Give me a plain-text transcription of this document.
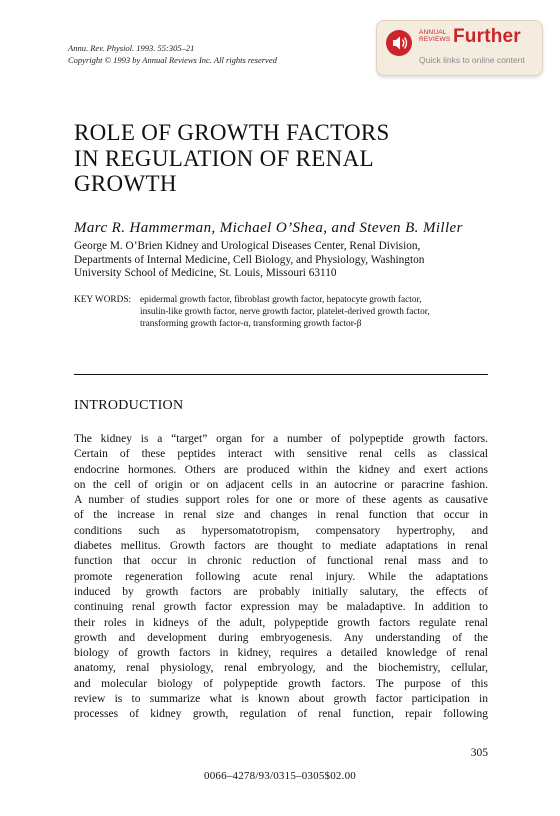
Annu. Rev. Physiol. 1993. 55:305–21
Copyright © 1993 by Annual Reviews Inc. All rights reserved
ANNUAL
REVIEWS Further
Quick links to online content
ROLE OF GROWTH FACTORS
IN REGULATION OF RENAL
GROWTH
Marc R. Hammerman, Michael O’Shea, and Steven B. Miller
George M. O’Brien Kidney and Urological Diseases Center, Renal Division,
Departments of Internal Medicine, Cell Biology, and Physiology, Washington
University School of Medicine, St. Louis, Missouri 63110
KEY WORDS: epidermal growth factor, fibroblast growth factor, hepatocyte growth factor,
insulin-like growth factor, nerve growth factor, platelet-derived growth factor,
transforming growth factor-α, transforming growth factor-β
INTRODUCTION
The kidney is a “target” organ for a number of polypeptide growth factors.
Certain of these peptides interact with sensitive renal cells as classical
endocrine hormones. Others are produced within the kidney and exert actions
on the cell of origin or on adjacent cells in an autocrine or paracrine fashion.
A number of studies support roles for one or more of these agents as causative
of the increase in renal size and changes in renal function that occur in
conditions such as hypersomatotropism, compensatory hypertrophy, and
diabetes mellitus. Growth factors are thought to mediate adaptations in renal
function that occur in chronic reduction of functional renal mass and to
promote regeneration following acute renal injury. While the adaptations
induced by growth factors are probably initially salutary, the effects of
continuing renal growth factor expression may be maladaptive. In addition to
their roles in kidneys of the adult, polypeptide growth factors regulate renal
growth and development during embryogenesis. Any understanding of the
biology of growth factors in kidney, requires a detailed knowledge of renal
anatomy, renal physiology, renal embryology, and the biochemistry, cellular,
and molecular biology of polypeptide growth factors. The purpose of this
review is to summarize what is known about growth factor participation in
processes of kidney growth, regulation of renal function, repair following
305
0066–4278/93/0315–0305$02.00
